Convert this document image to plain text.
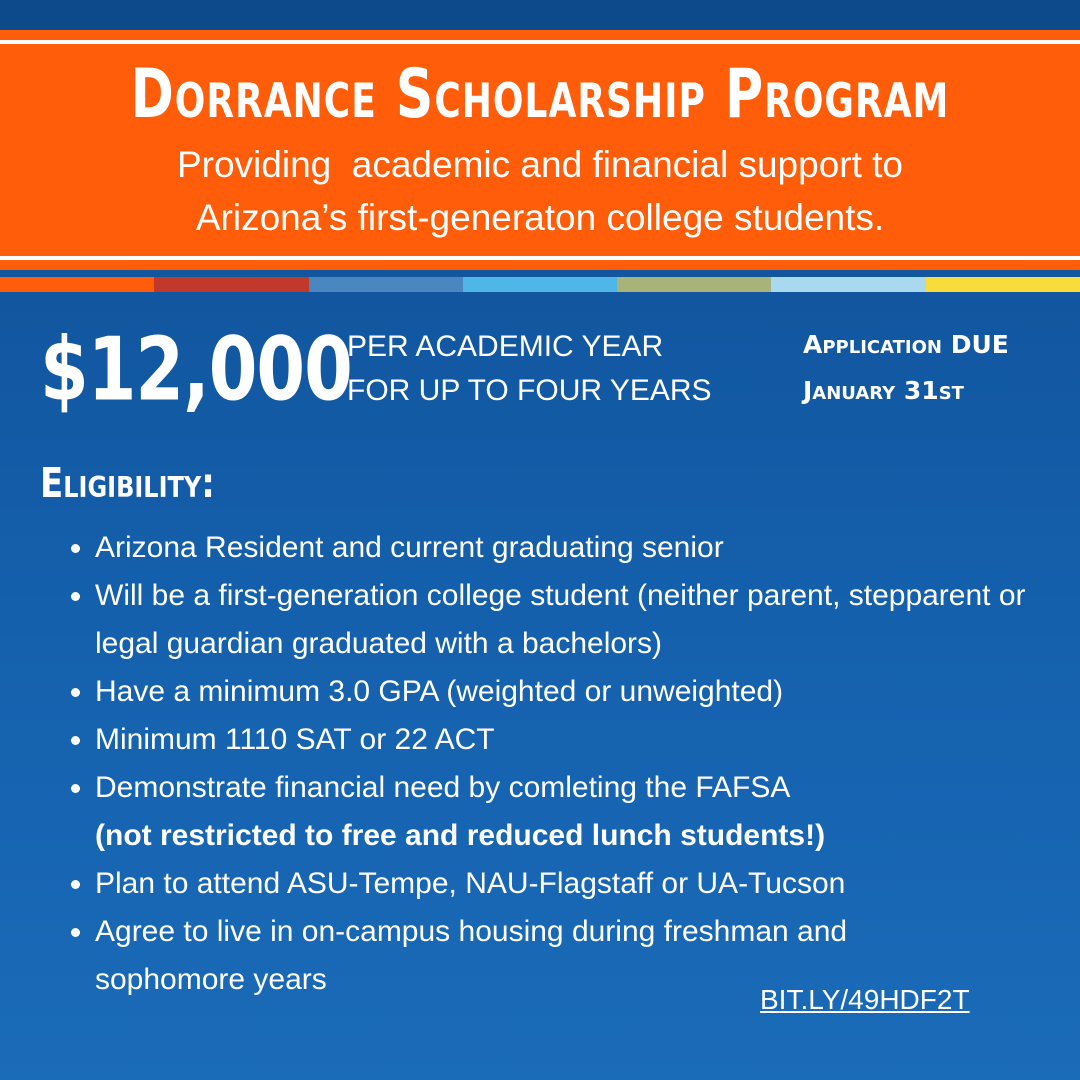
Dorrance Scholarship Program
Providing  academic and financial support to
Arizona’s first-generaton college students.
$12,000
PER ACADEMIC YEAR
FOR UP TO FOUR YEARS
Application DUE
January 31st
Eligibility:
Arizona Resident and current graduating senior
Will be a first-generation college student (neither parent, stepparent or legal guardian graduated with a bachelors)
Have a minimum 3.0 GPA (weighted or unweighted)
Minimum 1110 SAT or 22 ACT
Demonstrate financial need by comleting the FAFSA
(not restricted to free and reduced lunch students!)
Plan to attend ASU-Tempe, NAU-Flagstaff or UA-Tucson
Agree to live in on-campus housing during freshman and sophomore years
BIT.LY/49HDF2T
